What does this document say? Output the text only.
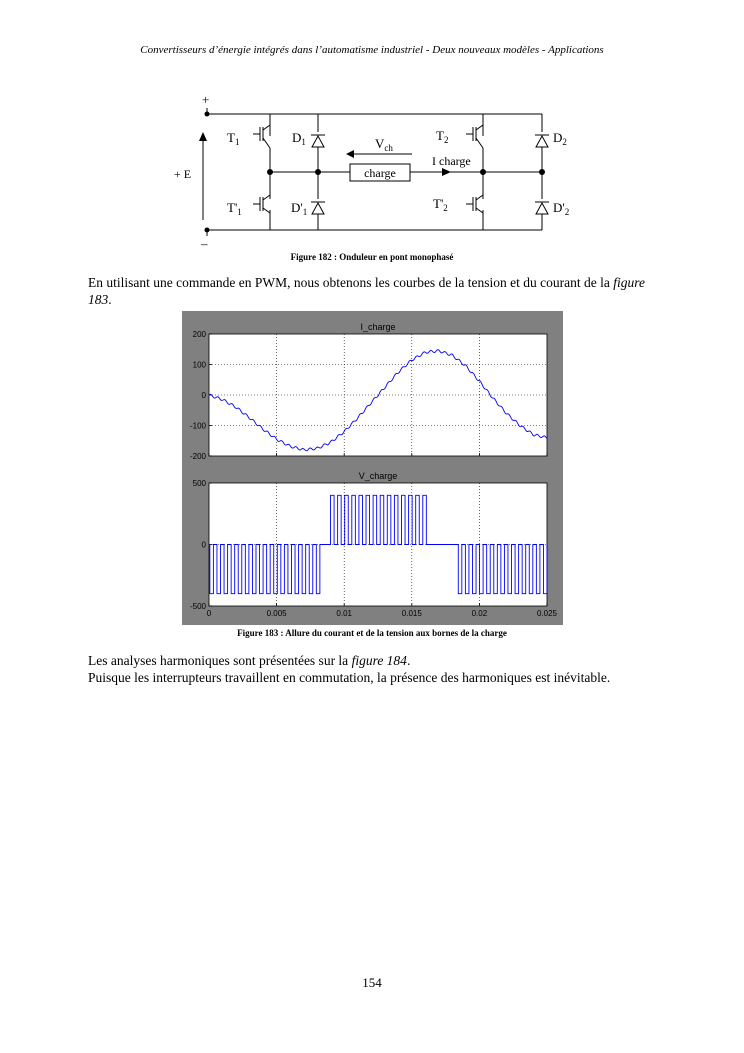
Convertisseurs d’énergie intégrés dans l’automatisme industriel - Deux nouveaux modèles - Applications
charge
I charge
$V_{ch}$
+ E
+
–
$T_1$
$T'_1$
$D_1$
$D'_1$
$T_2$
$T'_2$
$D_2$
$D'_2$
Figure 182 : Onduleur en pont monophasé
En utilisant une commande en PWM, nous obtenons les courbes de la tension et du courant de la figure 183.
I_charge
200
100
0
-100
-200
V_charge
500
0
-500
0	0.005	0.01	0.015	0.02	0.025
Figure 183 : Allure du courant et de la tension aux bornes de la charge
Les analyses harmoniques sont présentées sur la figure 184.
Puisque les interrupteurs travaillent en commutation, la présence des harmoniques est inévitable.
154
